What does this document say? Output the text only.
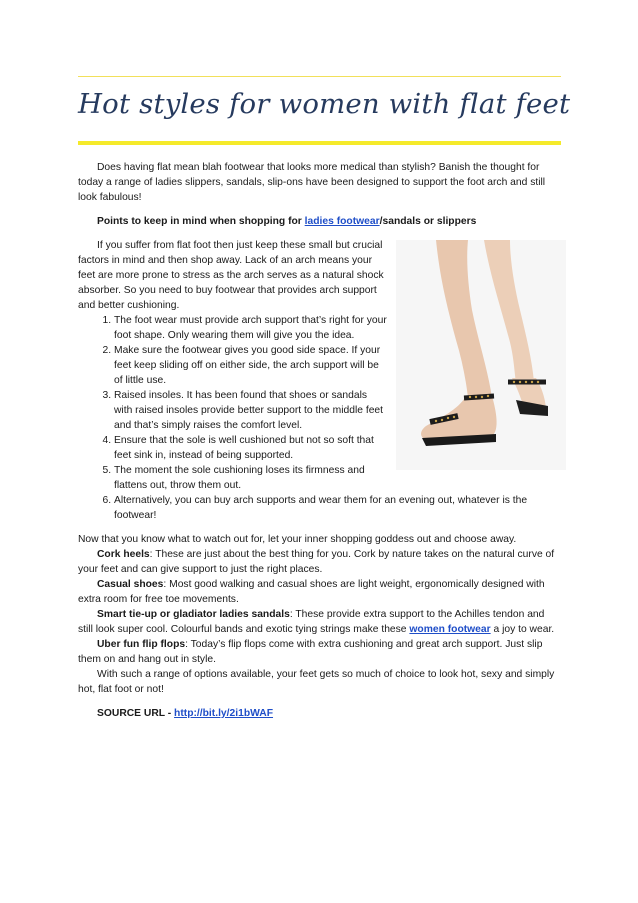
Hot styles for women with flat feet

Does having flat mean blah footwear that looks more medical than stylish? Banish the thought for today a range of ladies slippers, sandals, slip-ons have been designed to support the foot arch and still look fabulous!

Points to keep in mind when shopping for ladies footwear/sandals or slippers

If you suffer from flat foot then just keep these small but crucial factors in mind and then shop away. Lack of an arch means your feet are more prone to stress as the arch serves as a natural shock absorber. So you need to buy footwear that provides arch support and better cushioning.

1. The foot wear must provide arch support that’s right for your foot shape. Only wearing them will give you the idea.
2. Make sure the footwear gives you good side space. If your feet keep sliding off on either side, the arch support will be of little use.
3. Raised insoles. It has been found that shoes or sandals with raised insoles provide better support to the middle feet and that’s simply raises the comfort level.
4. Ensure that the sole is well cushioned but not so soft that feet sink in, instead of being supported.
5. The moment the sole cushioning loses its firmness and flattens out, throw them out.
6. Alternatively, you can buy arch supports and wear them for an evening out, whatever is the footwear!

Now that you know what to watch out for, let your inner shopping goddess out and choose away.

Cork heels: These are just about the best thing for you. Cork by nature takes on the natural curve of your feet and can give support to just the right places.

Casual shoes: Most good walking and casual shoes are light weight, ergonomically designed with extra room for free toe movements.

Smart tie-up or gladiator ladies sandals: These provide extra support to the Achilles tendon and still look super cool. Colourful bands and exotic tying strings make these women footwear a joy to wear.

Uber fun flip flops: Today’s flip flops come with extra cushioning and great arch support. Just slip them on and hang out in style.

With such a range of options available, your feet gets so much of choice to look hot, sexy and simply hot, flat foot or not!

SOURCE URL - http://bit.ly/2i1bWAF
